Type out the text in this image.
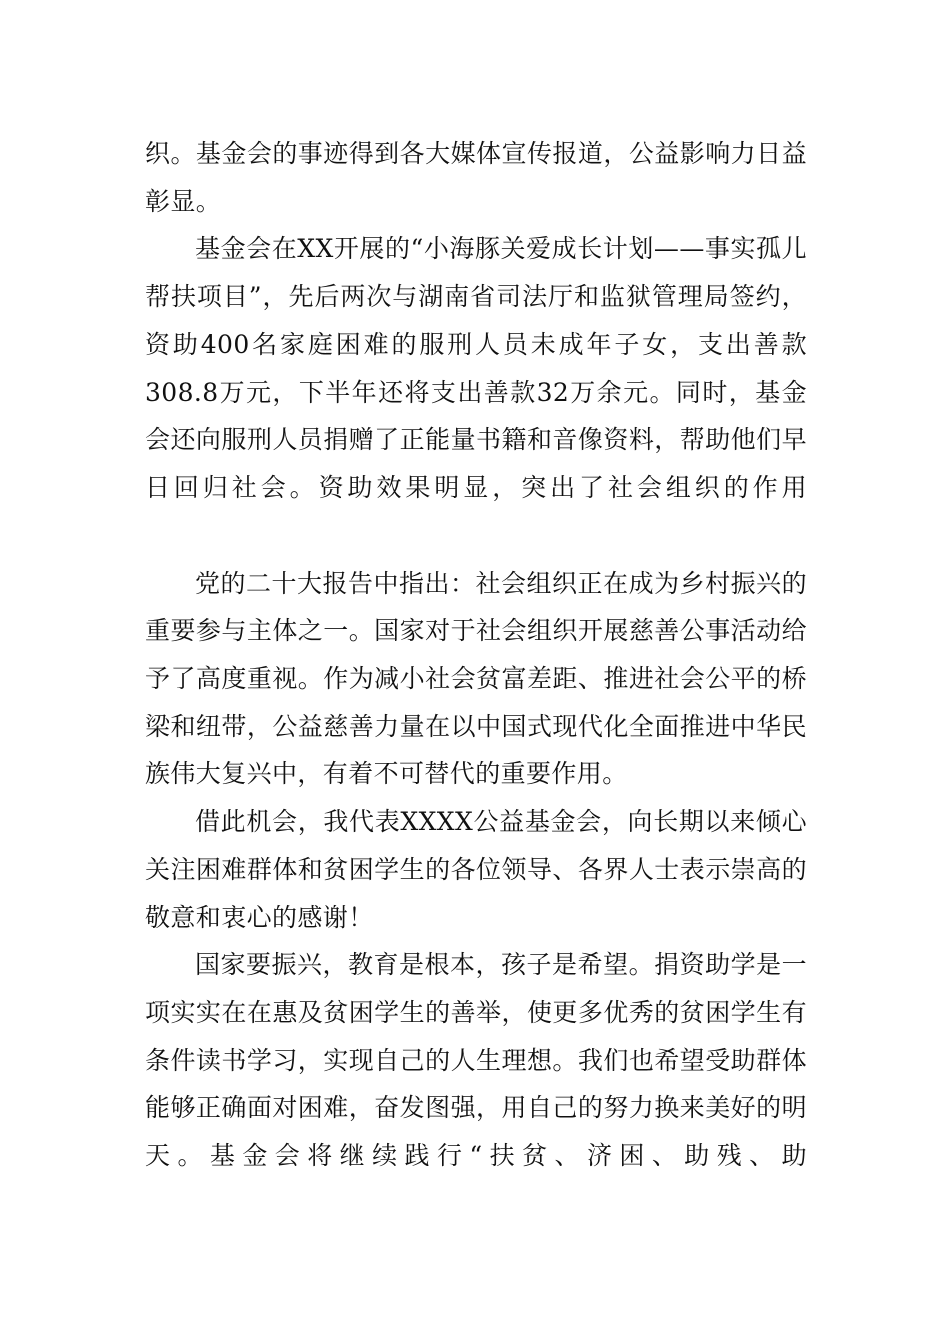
织。基金会的事迹得到各大媒体宣传报道，公益影响力日益彰显。

基金会在XX开展的“小海豚关爱成长计划——事实孤儿帮扶项目”，先后两次与湖南省司法厅和监狱管理局签约，资助400名家庭困难的服刑人员未成年子女，支出善款308.8万元，下半年还将支出善款32万余元。同时，基金会还向服刑人员捐赠了正能量书籍和音像资料，帮助他们早日回归社会。资助效果明显，突出了社会组织的作用

党的二十大报告中指出：社会组织正在成为乡村振兴的重要参与主体之一。国家对于社会组织开展慈善公事活动给予了高度重视。作为减小社会贫富差距、推进社会公平的桥梁和纽带，公益慈善力量在以中国式现代化全面推进中华民族伟大复兴中，有着不可替代的重要作用。

借此机会，我代表XXXX公益基金会，向长期以来倾心关注困难群体和贫困学生的各位领导、各界人士表示崇高的敬意和衷心的感谢！

国家要振兴，教育是根本，孩子是希望。捐资助学是一项实实在在惠及贫困学生的善举，使更多优秀的贫困学生有条件读书学习，实现自己的人生理想。我们也希望受助群体能够正确面对困难，奋发图强，用自己的努力换来美好的明天。基金会将继续践行“扶贫、济困、助残、助
